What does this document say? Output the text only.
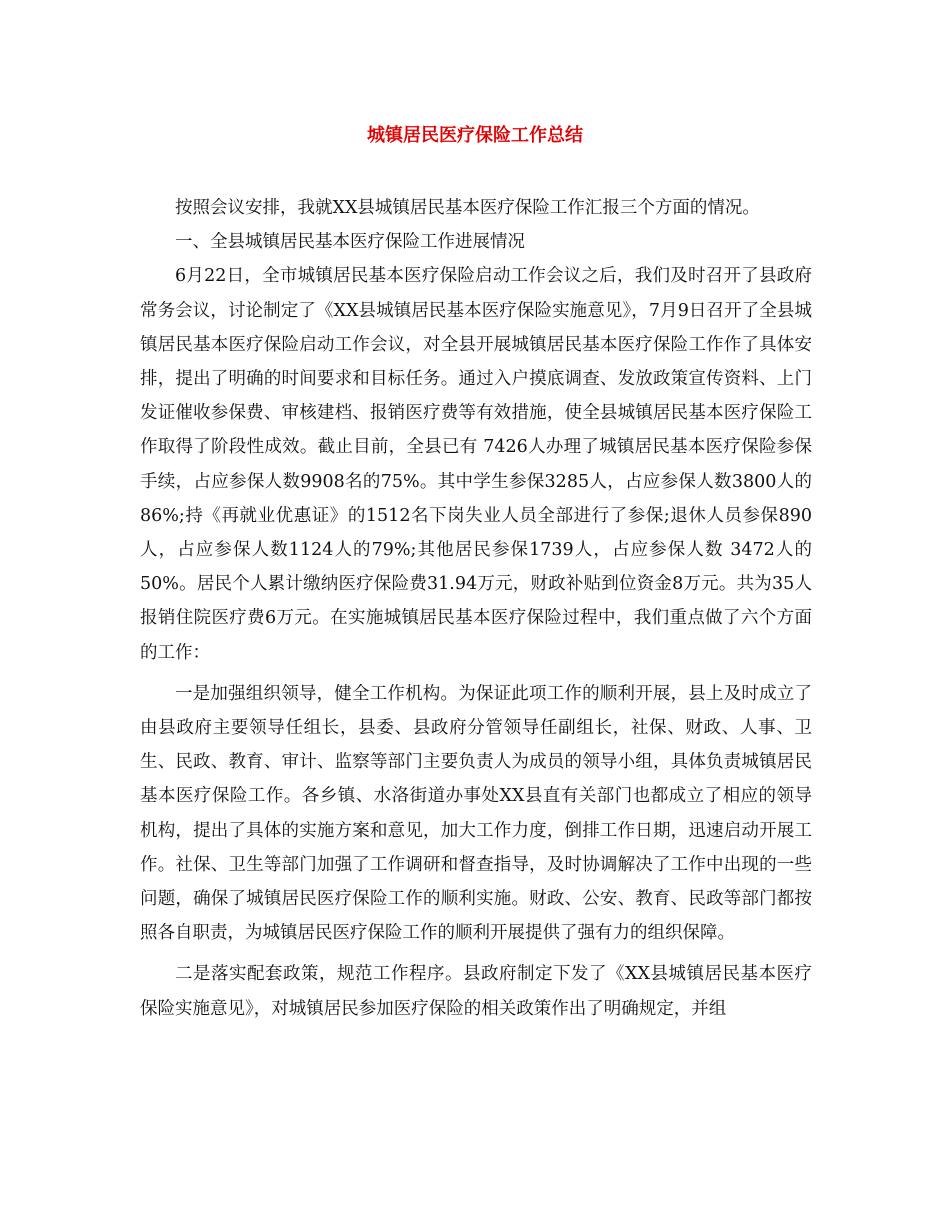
城镇居民医疗保险工作总结

按照会议安排，我就XX县城镇居民基本医疗保险工作汇报三个方面的情况。

一、全县城镇居民基本医疗保险工作进展情况

6月22日，全市城镇居民基本医疗保险启动工作会议之后，我们及时召开了县政府常务会议，讨论制定了《XX县城镇居民基本医疗保险实施意见》，7月9日召开了全县城镇居民基本医疗保险启动工作会议，对全县开展城镇居民基本医疗保险工作作了具体安排，提出了明确的时间要求和目标任务。通过入户摸底调查、发放政策宣传资料、上门发证催收参保费、审核建档、报销医疗费等有效措施，使全县城镇居民基本医疗保险工作取得了阶段性成效。截止目前，全县已有 7426人办理了城镇居民基本医疗保险参保手续，占应参保人数9908名的75%。其中学生参保3285人，占应参保人数3800人的86%;持《再就业优惠证》的1512名下岗失业人员全部进行了参保;退休人员参保890人，占应参保人数1124人的79%;其他居民参保1739人，占应参保人数 3472人的50%。居民个人累计缴纳医疗保险费31.94万元，财政补贴到位资金8万元。共为35人报销住院医疗费6万元。在实施城镇居民基本医疗保险过程中，我们重点做了六个方面的工作：

一是加强组织领导，健全工作机构。为保证此项工作的顺利开展，县上及时成立了由县政府主要领导任组长，县委、县政府分管领导任副组长，社保、财政、人事、卫生、民政、教育、审计、监察等部门主要负责人为成员的领导小组，具体负责城镇居民基本医疗保险工作。各乡镇、水洛街道办事处XX县直有关部门也都成立了相应的领导机构，提出了具体的实施方案和意见，加大工作力度，倒排工作日期，迅速启动开展工作。社保、卫生等部门加强了工作调研和督查指导，及时协调解决了工作中出现的一些问题，确保了城镇居民医疗保险工作的顺利实施。财政、公安、教育、民政等部门都按照各自职责，为城镇居民医疗保险工作的顺利开展提供了强有力的组织保障。

二是落实配套政策，规范工作程序。县政府制定下发了《XX县城镇居民基本医疗保险实施意见》，对城镇居民参加医疗保险的相关政策作出了明确规定，并组
